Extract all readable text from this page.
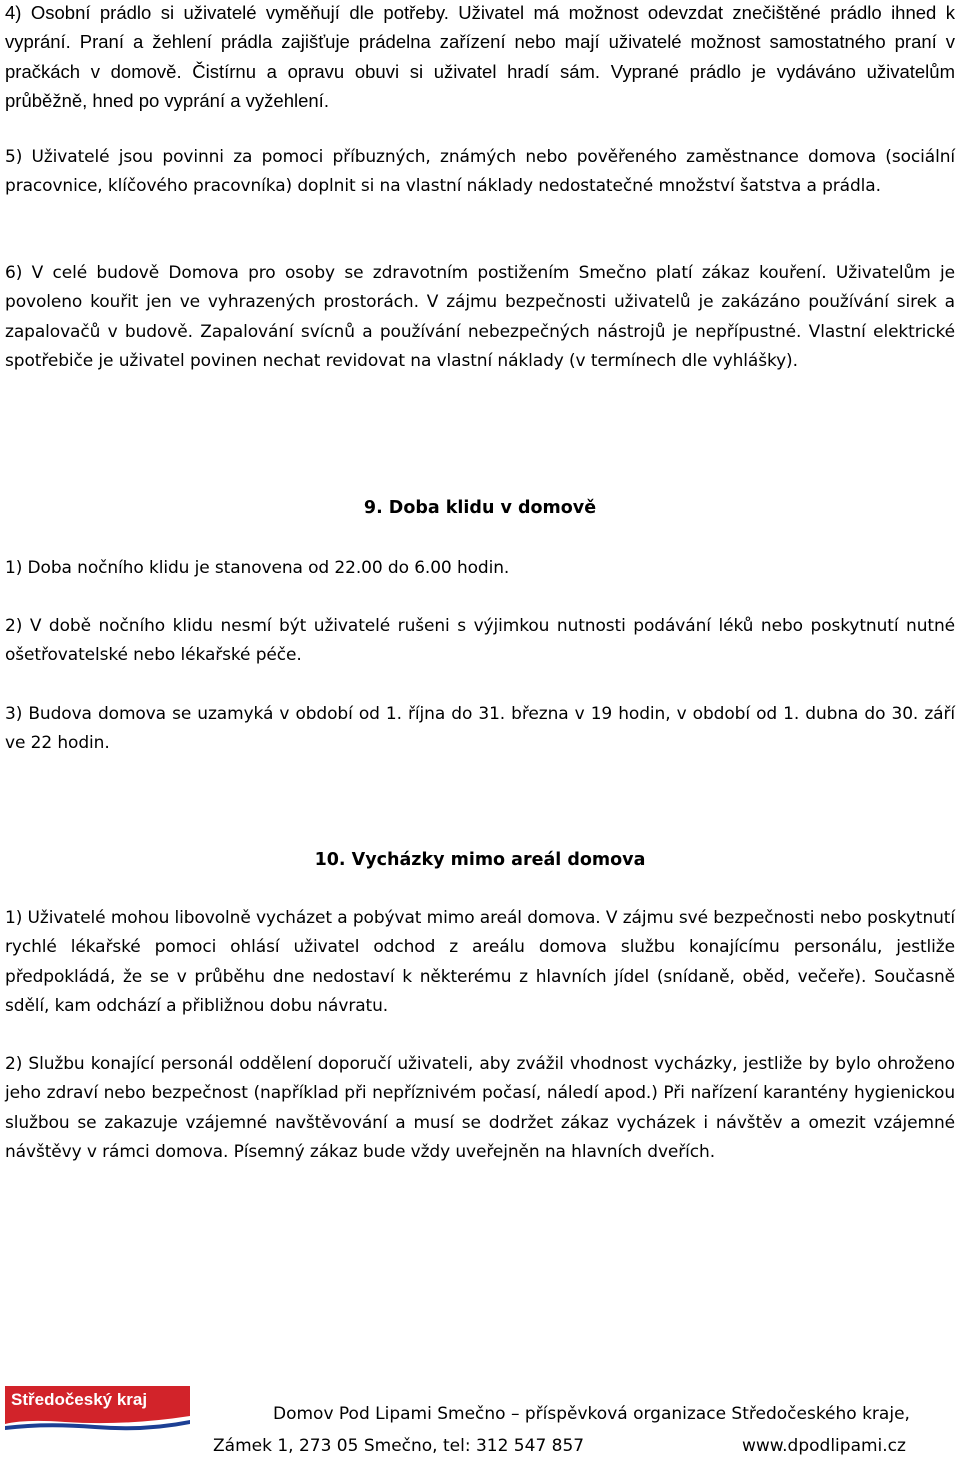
4) Osobní prádlo si uživatelé vyměňují dle potřeby. Uživatel má možnost odevzdat znečištěné prádlo ihned k vyprání. Praní a žehlení prádla zajišťuje prádelna zařízení nebo mají uživatelé možnost samostatného praní v pračkách v domově. Čistírnu a opravu obuvi si uživatel hradí sám. Vyprané prádlo je vydáváno uživatelům průběžně, hned po vyprání a vyžehlení.

5) Uživatelé jsou povinni za pomoci příbuzných, známých nebo pověřeného zaměstnance domova (sociální pracovnice, klíčového pracovníka) doplnit si na vlastní náklady nedostatečné množství šatstva a prádla.

6) V celé budově Domova pro osoby se zdravotním postižením Smečno platí zákaz kouření. Uživatelům je povoleno kouřit jen ve vyhrazených prostorách. V zájmu bezpečnosti uživatelů je zakázáno používání sirek a zapalovačů v budově. Zapalování svícnů a používání nebezpečných nástrojů je nepřípustné. Vlastní elektrické spotřebiče je uživatel povinen nechat revidovat na vlastní náklady (v termínech dle vyhlášky).

9. Doba klidu v domově

1) Doba nočního klidu je stanovena od 22.00 do 6.00 hodin.

2) V době nočního klidu nesmí být uživatelé rušeni s výjimkou nutnosti podávání léků nebo poskytnutí nutné ošetřovatelské nebo lékařské péče.

3) Budova domova se uzamyká v období od 1. října do 31. března v 19 hodin, v období od 1. dubna do 30. září ve 22 hodin.

10. Vycházky mimo areál domova

1) Uživatelé mohou libovolně vycházet a pobývat mimo areál domova. V zájmu své bezpečnosti nebo poskytnutí rychlé lékařské pomoci ohlásí uživatel odchod z areálu domova službu konajícímu personálu, jestliže předpokládá, že se v průběhu dne nedostaví k některému z hlavních jídel (snídaně, oběd, večeře). Současně sdělí, kam odchází a přibližnou dobu návratu.

2) Službu konající personál oddělení doporučí uživateli, aby zvážil vhodnost vycházky, jestliže by bylo ohroženo jeho zdraví nebo bezpečnost (například při nepříznivém počasí, náledí apod.) Při nařízení karantény hygienickou službou se zakazuje vzájemné navštěvování a musí se dodržet zákaz vycházek i návštěv a omezit vzájemné návštěvy v rámci domova. Písemný zákaz bude vždy uveřejněn na hlavních dveřích.

Středočeský kraj
Domov Pod Lipami Smečno – příspěvková organizace Středočeského kraje,
Zámek 1, 273 05 Smečno, tel: 312 547 857	www.dpodlipami.cz
